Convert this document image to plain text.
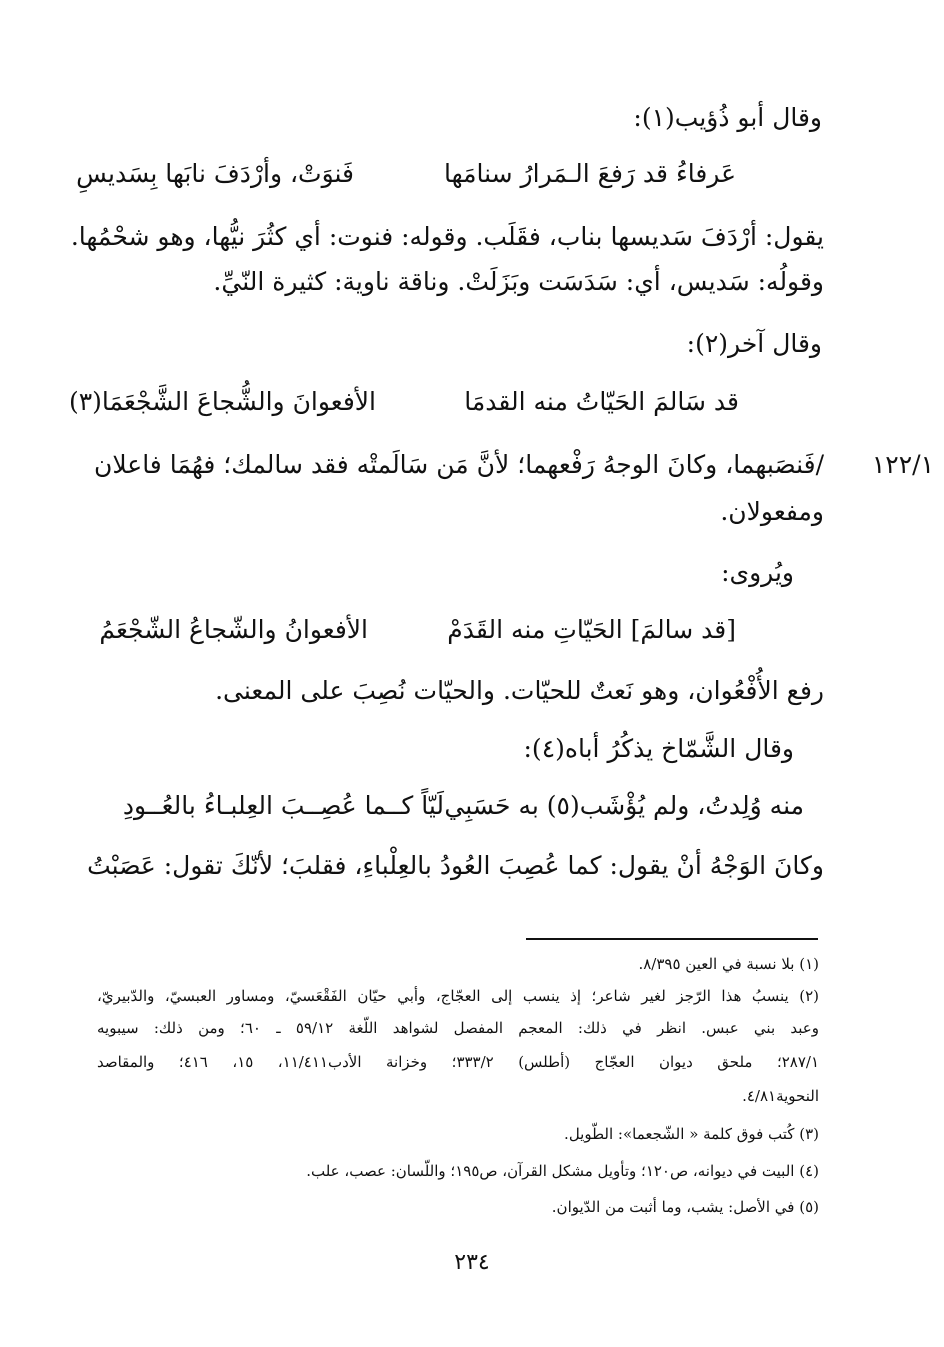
وقال أبو ذُؤيب(١):
عَرفاءُ قد رَفعَ الـمَرارُ سنامَها
فَنوَتْ، وأرْدَفَ نابَها بِسَديسِ
يقول: أرْدَفَ سَديسها بناب، فقَلَب. وقوله: فنوت: أي كثُرَ نيُّها، وهو شحْمُها.
وقولُه: سَديس، أي: سَدَسَت وبَزَلَتْ. وناقة ناوية: كثيرة النّيِّ.
وقال آخر(٢):
قد سَالمَ الحَيّاتُ منه القدمَا
الأفعوانَ والشُّجاعَ الشَّجْعَمَا(٣)
١٢٢/١
/فَنصَبهما، وكانَ الوجهُ رَفْعهما؛ لأنَّ مَن سَالَمتْه فقد سالمك؛ فهُمَا فاعلان
ومفعولان.
ويُروى:
[قد سالمَ] الحَيّاتِ منه القَدَمْ
الأفعوانُ والشّجاعُ الشّجْعَمُ
رفع الأُفْعُوان، وهو نَعتٌ للحيّات. والحيّات نُصِبَ على المعنى.
وقال الشَّمّاخ يذكُرُ أباه(٤):
منه وُلِدتُ، ولم يُؤْشَب(٥) به حَسَبِي
لَيّاً كــما عُصِــبَ العِلبـاءُ بالعُــودِ
وكانَ الوَجْهُ أنْ يقول: كما عُصِبَ العُودُ بالعِلْباءِ، فقلبَ؛ لأنّكَ تقول: عَصَبْتُ
(١) بلا نسبة في العين ٨/٣٩٥.
(٢) ينسبُ هذا الرّجز لغير شاعر؛ إذ ينسب إلى العجّاج، وأبي حيّان الفَقْعَسيّ، ومساور العبسيّ، والدّبيريّ،
وعبد بني عبس. انظر في ذلك: المعجم المفصل لشواهد اللّغة ٥٩/١٢ ـ ٦٠؛ ومن ذلك: سيبويه
٢٨٧/١؛ ملحق ديوان العجّاج (أطلس) ٣٣٣/٢؛ وخزانة الأدب١١/٤١١، ١٥، ٤١٦؛ والمقاصد
النحوية٤/٨١.
(٣) كُتب فوق كلمة « الشّجعما»: الطّويل.
(٤) البيت في ديوانه، ص١٢٠؛ وتأويل مشكل القرآن، ص١٩٥؛ واللّسان: عصب، علب.
(٥) في الأصل: يشب، وما أثبت من الدّيوان.
٢٣٤
